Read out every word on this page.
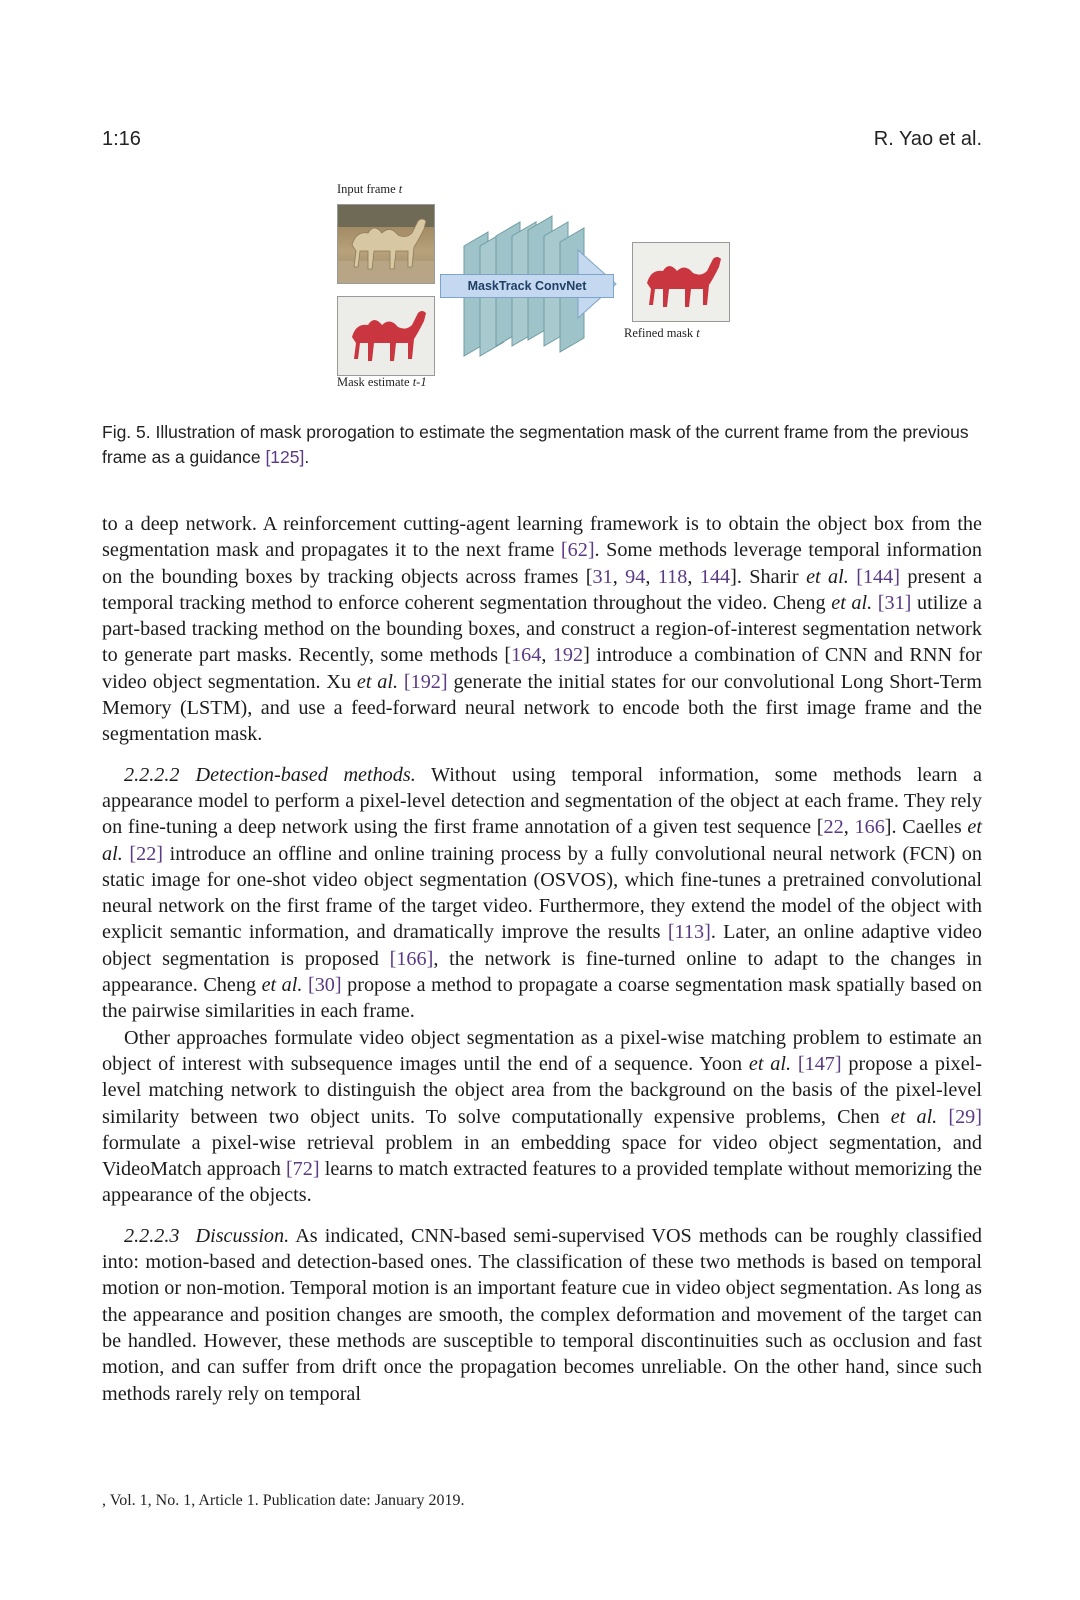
1:16	R. Yao et al.
Input frame t
Mask estimate t-1
MaskTrack ConvNet
Refined mask t
Fig. 5. Illustration of mask prorogation to estimate the segmentation mask of the current frame from the previous frame as a guidance [125].

to a deep network. A reinforcement cutting-agent learning framework is to obtain the object box from the segmentation mask and propagates it to the next frame [62]. Some methods leverage temporal information on the bounding boxes by tracking objects across frames [31, 94, 118, 144]. Sharir et al. [144] present a temporal tracking method to enforce coherent segmentation throughout the video. Cheng et al. [31] utilize a part-based tracking method on the bounding boxes, and construct a region-of-interest segmentation network to generate part masks. Recently, some methods [164, 192] introduce a combination of CNN and RNN for video object segmentation. Xu et al. [192] generate the initial states for our convolutional Long Short-Term Memory (LSTM), and use a feed-forward neural network to encode both the first image frame and the segmentation mask.

2.2.2.2 Detection-based methods. Without using temporal information, some methods learn a appearance model to perform a pixel-level detection and segmentation of the object at each frame. They rely on fine-tuning a deep network using the first frame annotation of a given test sequence [22, 166]. Caelles et al. [22] introduce an offline and online training process by a fully convolutional neural network (FCN) on static image for one-shot video object segmentation (OSVOS), which fine-tunes a pretrained convolutional neural network on the first frame of the target video. Furthermore, they extend the model of the object with explicit semantic information, and dramatically improve the results [113]. Later, an online adaptive video object segmentation is proposed [166], the network is fine-turned online to adapt to the changes in appearance. Cheng et al. [30] propose a method to propagate a coarse segmentation mask spatially based on the pairwise similarities in each frame.

Other approaches formulate video object segmentation as a pixel-wise matching problem to estimate an object of interest with subsequence images until the end of a sequence. Yoon et al. [147] propose a pixel-level matching network to distinguish the object area from the background on the basis of the pixel-level similarity between two object units. To solve computationally expensive problems, Chen et al. [29] formulate a pixel-wise retrieval problem in an embedding space for video object segmentation, and VideoMatch approach [72] learns to match extracted features to a provided template without memorizing the appearance of the objects.

2.2.2.3 Discussion. As indicated, CNN-based semi-supervised VOS methods can be roughly classified into: motion-based and detection-based ones. The classification of these two methods is based on temporal motion or non-motion. Temporal motion is an important feature cue in video object segmentation. As long as the appearance and position changes are smooth, the complex deformation and movement of the target can be handled. However, these methods are susceptible to temporal discontinuities such as occlusion and fast motion, and can suffer from drift once the propagation becomes unreliable. On the other hand, since such methods rarely rely on temporal

, Vol. 1, No. 1, Article 1. Publication date: January 2019.
